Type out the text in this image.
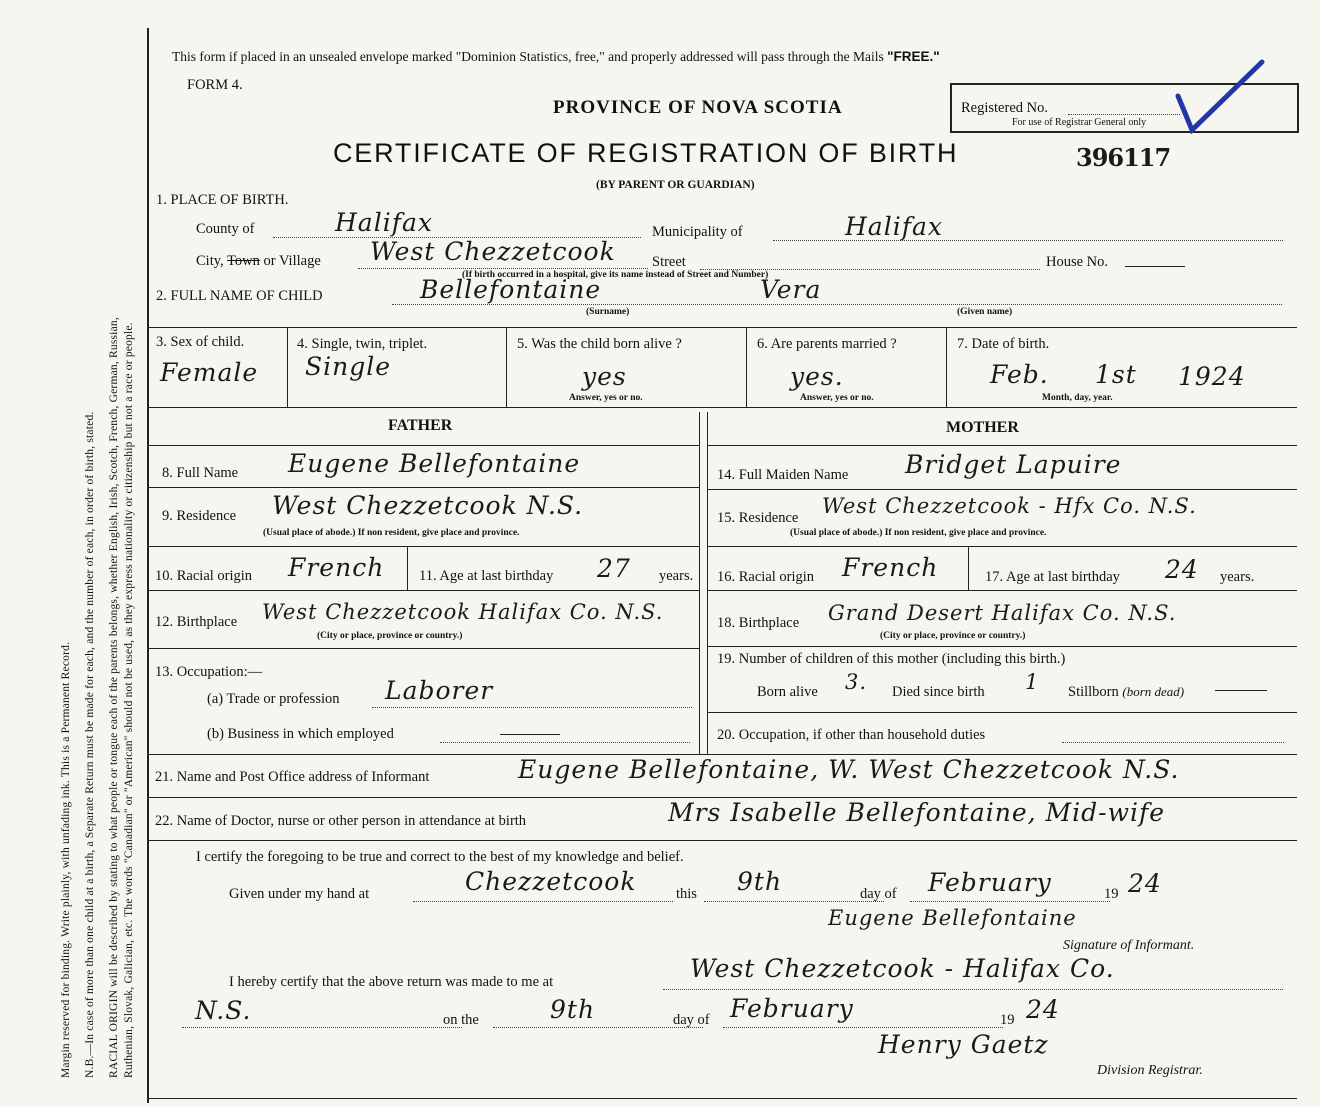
Margin reserved for binding. Write plainly, with unfading ink. This is a Permanent Record. N.B.—In case of more than one child at a birth, a Separate Return must be made for each, and the number of each, in order of birth, stated. RACIAL ORIGIN will be described by stating to what people or tongue each of the parents belongs, whether English, Irish, Scotch, French, German, Russian, Ruthenian, Slovak, Galician, etc. The words "Canadian" or "American" should not be used, as they express nationality or citizenship but not a race or people.
This form if placed in an unsealed envelope marked "Dominion Statistics, free," and properly addressed will pass through the Mails "FREE."
FORM 4.
PROVINCE OF NOVA SCOTIA
CERTIFICATE OF REGISTRATION OF BIRTH
(BY PARENT OR GUARDIAN)
Registered No.
For use of Registrar General only
396117
1. PLACE OF BIRTH.
County of	Halifax	Municipality of	Halifax
City, Town or Village West Chezzetcook	Street	House No.
(If birth occurred in a hospital, give its name instead of Street and Number)
2. FULL NAME OF CHILD	Bellefontaine	Vera
(Surname)	(Given name)
3. Sex of child.
Female
4. Single, twin, triplet.
Single
5. Was the child born alive ?
yes
Answer, yes or no.
6. Are parents married ?
yes.
Answer, yes or no.
7. Date of birth.
Feb. 1st 1924
Month, day, year.
FATHER	MOTHER
8. Full Name Eugene Bellefontaine
9. Residence West Chezzetcook N.S.
(Usual place of abode.) If non resident, give place and province.
10. Racial origin French 11. Age at last birthday 27 years.
12. Birthplace West Chezzetcook Halifax Co. N.S.
(City or place, province or country.)
13. Occupation:—
(a) Trade or profession Laborer
(b) Business in which employed
14. Full Maiden Name Bridget Lapuire
15. Residence West Chezzetcook - Hfx Co. N.S.
(Usual place of abode.) If non resident, give place and province.
16. Racial origin French	17. Age at last birthday 24 years.
18. Birthplace Grand Desert Halifax Co. N.S.
(City or place, province or country.)
19. Number of children of this mother (including this birth.)
Born alive 3. Died since birth 1 Stillborn (born dead)
20. Occupation, if other than household duties
21. Name and Post Office address of Informant	Eugene Bellefontaine, W. West Chezzetcook N.S.
22. Name of Doctor, nurse or other person in attendance at birth	Mrs Isabelle Bellefontaine, Mid-wife
I certify the foregoing to be true and correct to the best of my knowledge and belief.
Given under my hand at	Chezzetcook	this 9th	day of February	19 24
Eugene Bellefontaine
Signature of Informant.
I hereby certify that the above return was made to me at	West Chezzetcook - Halifax Co.
N.S.	on the	9th	day of February	19 24
Henry Gaetz
Division Registrar.
